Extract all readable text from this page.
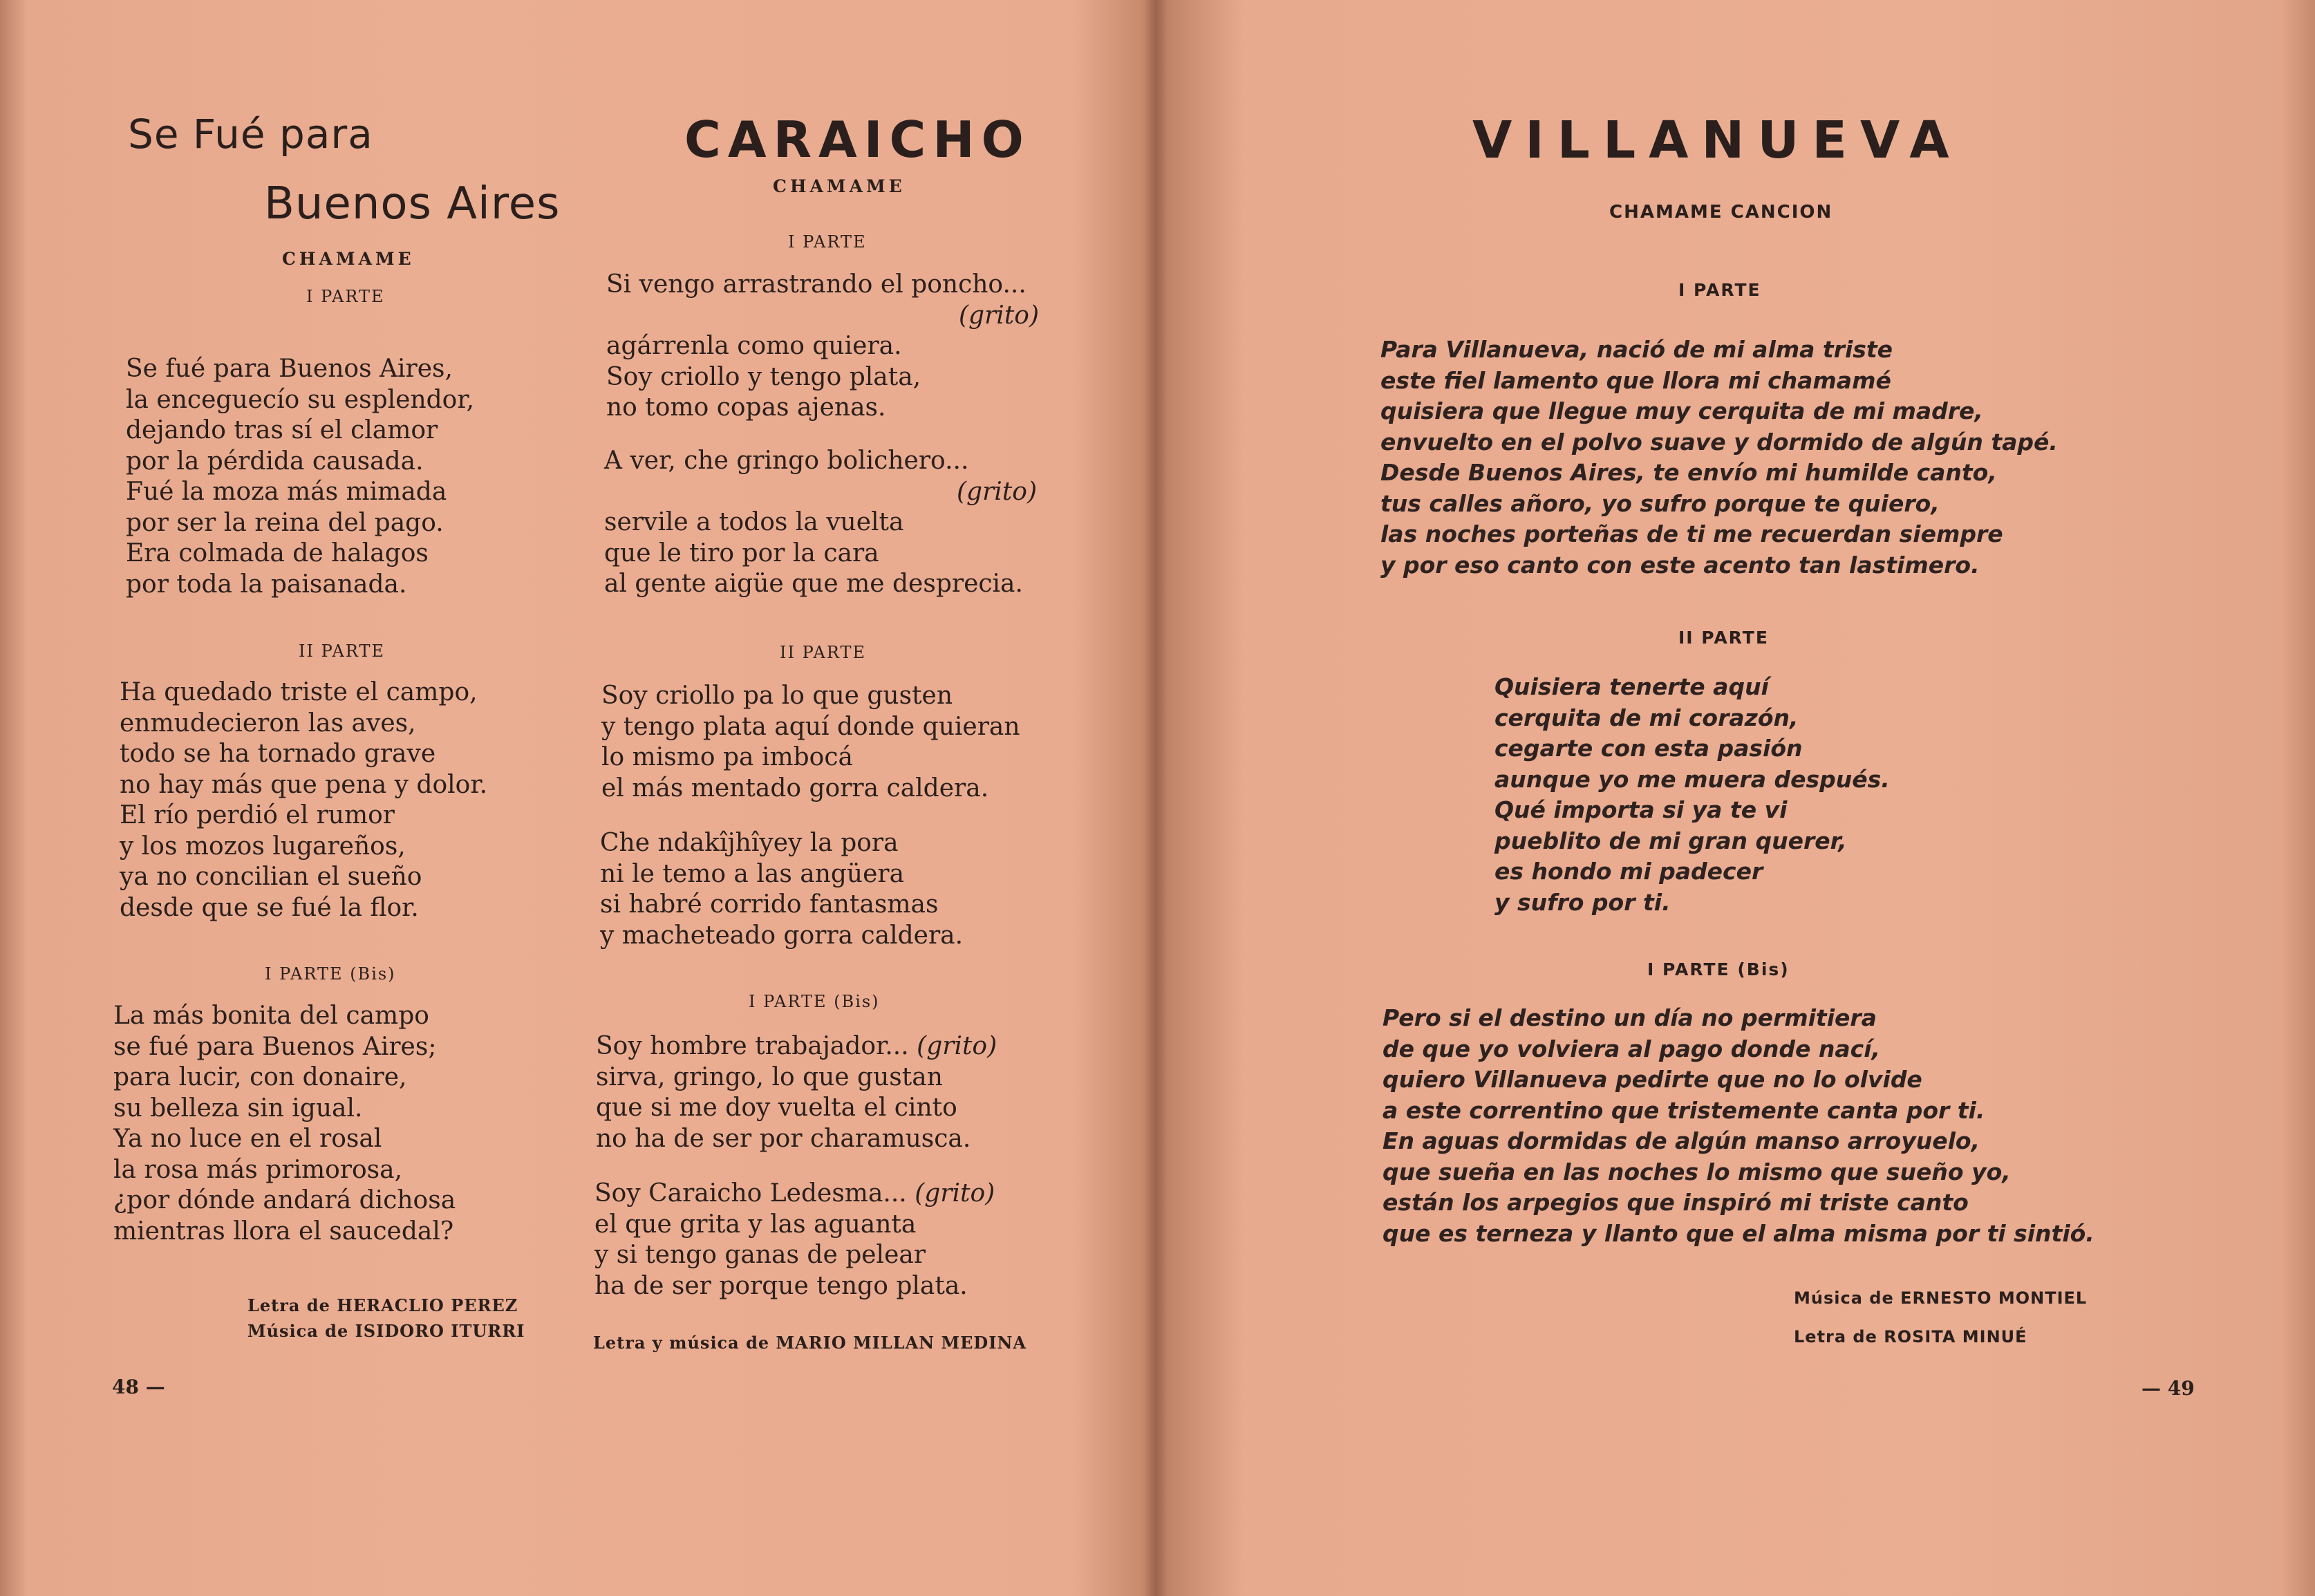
Se Fué para
Buenos Aires
CHAMAME
I PARTE
Se fué para Buenos Aires,
la enceguecío su esplendor,
dejando tras sí el clamor
por la pérdida causada.
Fué la moza más mimada
por ser la reina del pago.
Era colmada de halagos
por toda la paisanada.
II PARTE
Ha quedado triste el campo,
enmudecieron las aves,
todo se ha tornado grave
no hay más que pena y dolor.
El río perdió el rumor
y los mozos lugareños,
ya no concilian el sueño
desde que se fué la flor.
I PARTE (Bis)
La más bonita del campo
se fué para Buenos Aires;
para lucir, con donaire,
su belleza sin igual.
Ya no luce en el rosal
la rosa más primorosa,
¿por dónde andará dichosa
mientras llora el saucedal?
Letra de HERACLIO PEREZ
Música de ISIDORO ITURRI
CARAICHO
CHAMAME
I PARTE
Si vengo arrastrando el poncho...
(grito)
agárrenla como quiera.
Soy criollo y tengo plata,
no tomo copas ajenas.
A ver, che gringo bolichero...
(grito)
servile a todos la vuelta
que le tiro por la cara
al gente aigüe que me desprecia.
II PARTE
Soy criollo pa lo que gusten
y tengo plata aquí donde quieran
lo mismo pa imbocá
el más mentado gorra caldera.
Che ndakîjhîyey la pora
ni le temo a las angüera
si habré corrido fantasmas
y macheteado gorra caldera.
I PARTE (Bis)
Soy hombre trabajador... (grito)
sirva, gringo, lo que gustan
que si me doy vuelta el cinto
no ha de ser por charamusca.
Soy Caraicho Ledesma... (grito)
el que grita y las aguanta
y si tengo ganas de pelear
ha de ser porque tengo plata.
Letra y música de MARIO MILLAN MEDINA
48 —
VILLANUEVA
CHAMAME CANCION
I PARTE
Para Villanueva, nació de mi alma triste
este fiel lamento que llora mi chamamé
quisiera que llegue muy cerquita de mi madre,
envuelto en el polvo suave y dormido de algún tapé.
Desde Buenos Aires, te envío mi humilde canto,
tus calles añoro, yo sufro porque te quiero,
las noches porteñas de ti me recuerdan siempre
y por eso canto con este acento tan lastimero.
II PARTE
Quisiera tenerte aquí
cerquita de mi corazón,
cegarte con esta pasión
aunque yo me muera después.
Qué importa si ya te vi
pueblito de mi gran querer,
es hondo mi padecer
y sufro por ti.
I PARTE (Bis)
Pero si el destino un día no permitiera
de que yo volviera al pago donde nací,
quiero Villanueva pedirte que no lo olvide
a este correntino que tristemente canta por ti.
En aguas dormidas de algún manso arroyuelo,
que sueña en las noches lo mismo que sueño yo,
están los arpegios que inspiró mi triste canto
que es terneza y llanto que el alma misma por ti sintió.
Música de ERNESTO MONTIEL
Letra de ROSITA MINUÉ
— 49
